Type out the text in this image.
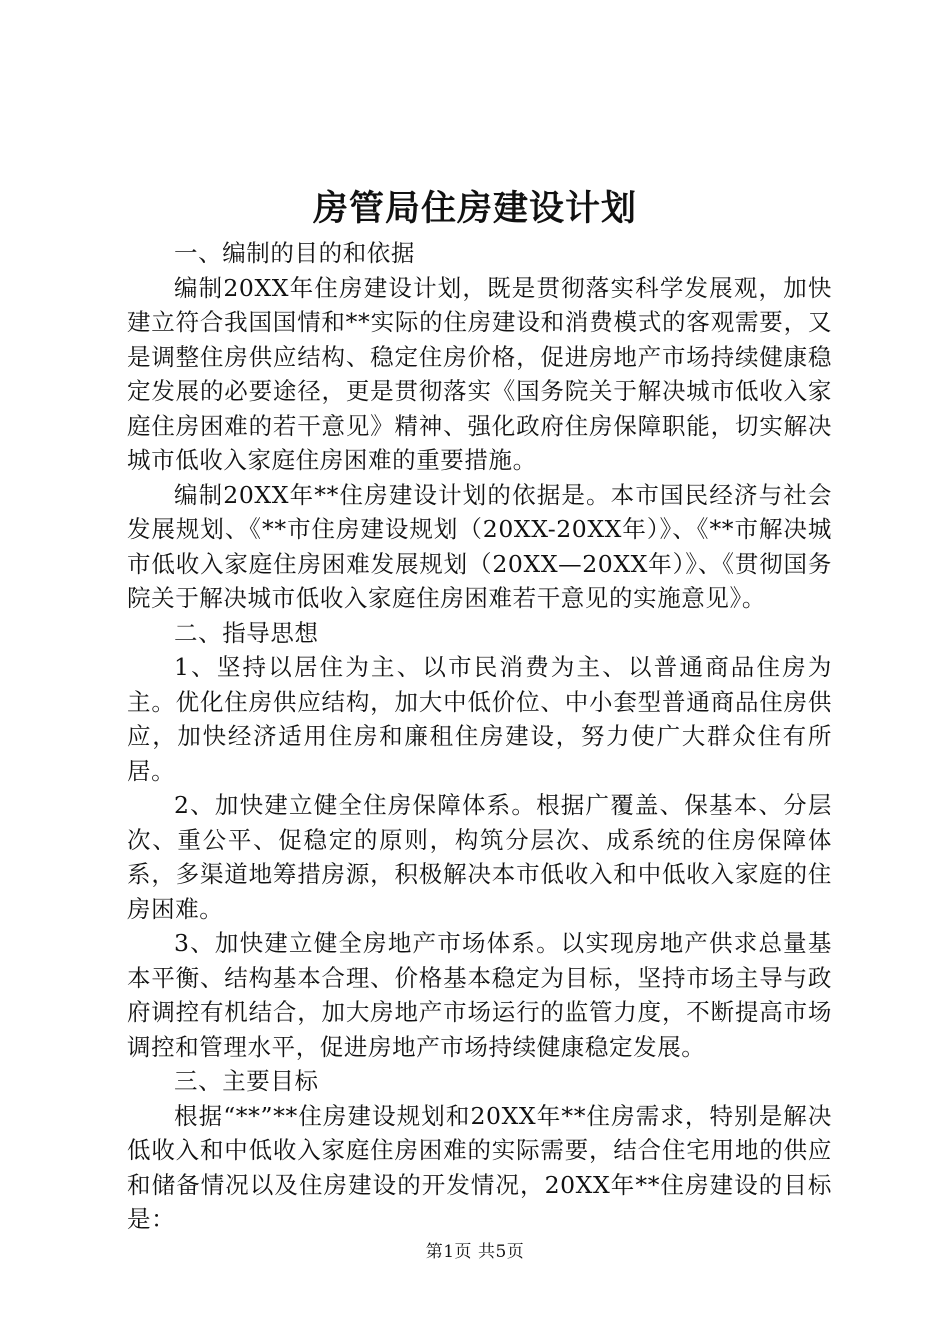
房管局住房建设计划

一、编制的目的和依据

编制20XX年住房建设计划，既是贯彻落实科学发展观，加快建立符合我国国情和**实际的住房建设和消费模式的客观需要，又是调整住房供应结构、稳定住房价格，促进房地产市场持续健康稳定发展的必要途径，更是贯彻落实《国务院关于解决城市低收入家庭住房困难的若干意见》精神、强化政府住房保障职能，切实解决城市低收入家庭住房困难的重要措施。

编制20XX年**住房建设计划的依据是。本市国民经济与社会发展规划、《**市住房建设规划（20XX-20XX年）》、《**市解决城市低收入家庭住房困难发展规划（20XX—20XX年）》、《贯彻国务院关于解决城市低收入家庭住房困难若干意见的实施意见》。

二、指导思想

1、坚持以居住为主、以市民消费为主、以普通商品住房为主。优化住房供应结构，加大中低价位、中小套型普通商品住房供应，加快经济适用住房和廉租住房建设，努力使广大群众住有所居。

2、加快建立健全住房保障体系。根据广覆盖、保基本、分层次、重公平、促稳定的原则，构筑分层次、成系统的住房保障体系，多渠道地筹措房源，积极解决本市低收入和中低收入家庭的住房困难。

3、加快建立健全房地产市场体系。以实现房地产供求总量基本平衡、结构基本合理、价格基本稳定为目标，坚持市场主导与政府调控有机结合，加大房地产市场运行的监管力度，不断提高市场调控和管理水平，促进房地产市场持续健康稳定发展。

三、主要目标

根据“**”**住房建设规划和20XX年**住房需求，特别是解决低收入和中低收入家庭住房困难的实际需要，结合住宅用地的供应和储备情况以及住房建设的开发情况，20XX年**住房建设的目标是：

第1页 共5页
